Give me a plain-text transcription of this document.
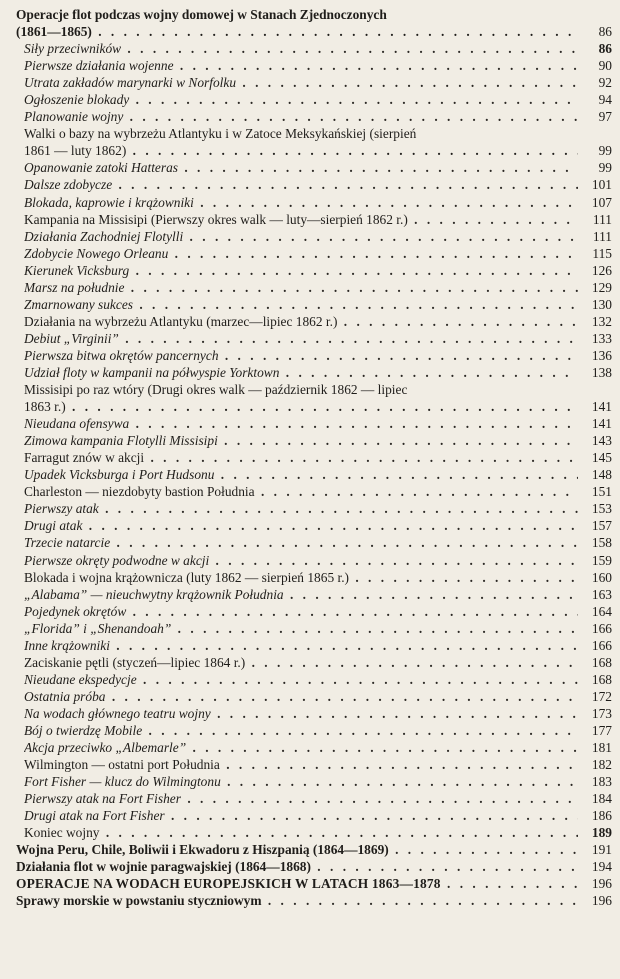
Operacje flot podczas wojny domowej w Stanach Zjednoczonych
(1861—1865) . . .	86
Siły przeciwników . . .	86
Pierwsze działania wojenne . . .	90
Utrata zakładów marynarki w Norfolku . . .	92
Ogłoszenie blokady . . .	94
Planowanie wojny . . .	97
Walki o bazy na wybrzeżu Atlantyku i w Zatoce Meksykańskiej (sierpień
1861 — luty 1862) . . .	99
Opanowanie zatoki Hatteras . . .	99
Dalsze zdobycze . . .	101
Blokada, kaprowie i krążowniki . . .	107
Kampania na Missisipi (Pierwszy okres walk — luty—sierpień 1862 r.) . . .	111
Działania Zachodniej Flotylli . . .	111
Zdobycie Nowego Orleanu . . .	115
Kierunek Vicksburg . . .	126
Marsz na południe . . .	129
Zmarnowany sukces . . .	130
Działania na wybrzeżu Atlantyku (marzec—lipiec 1862 r.) . . .	132
Debiut „Virginii” . . .	133
Pierwsza bitwa okrętów pancernych . . .	136
Udział floty w kampanii na półwyspie Yorktown . . .	138
Missisipi po raz wtóry (Drugi okres walk — październik 1862 — lipiec
1863 r.) . . .	141
Nieudana ofensywa . . .	141
Zimowa kampania Flotylli Missisipi . . .	143
Farragut znów w akcji . . .	145
Upadek Vicksburga i Port Hudsonu . . .	148
Charleston — niezdobyty bastion Południa . . .	151
Pierwszy atak . . .	153
Drugi atak . . .	157
Trzecie natarcie . . .	158
Pierwsze okręty podwodne w akcji . . .	159
Blokada i wojna krążownicza (luty 1862 — sierpień 1865 r.) . . .	160
„Alabama” — nieuchwytny krążownik Południa . . .	163
Pojedynek okrętów . . .	164
„Florida” i „Shenandoah” . . .	166
Inne krążowniki . . .	166
Zaciskanie pętli (styczeń—lipiec 1864 r.) . . .	168
Nieudane ekspedycje . . .	168
Ostatnia próba . . .	172
Na wodach głównego teatru wojny . . .	173
Bój o twierdzę Mobile . . .	177
Akcja przeciwko „Albemarle” . . .	181
Wilmington — ostatni port Południa . . .	182
Fort Fisher — klucz do Wilmingtonu . . .	183
Pierwszy atak na Fort Fisher . . .	184
Drugi atak na Fort Fisher . . .	186
Koniec wojny . . .	189
Wojna Peru, Chile, Boliwii i Ekwadoru z Hiszpanią (1864—1869) . . .	191
Działania flot w wojnie paragwajskiej (1864—1868) . . .	194
OPERACJE NA WODACH EUROPEJSKICH W LATACH 1863—1878 . . .	196
Sprawy morskie w powstaniu styczniowym . . .	196
